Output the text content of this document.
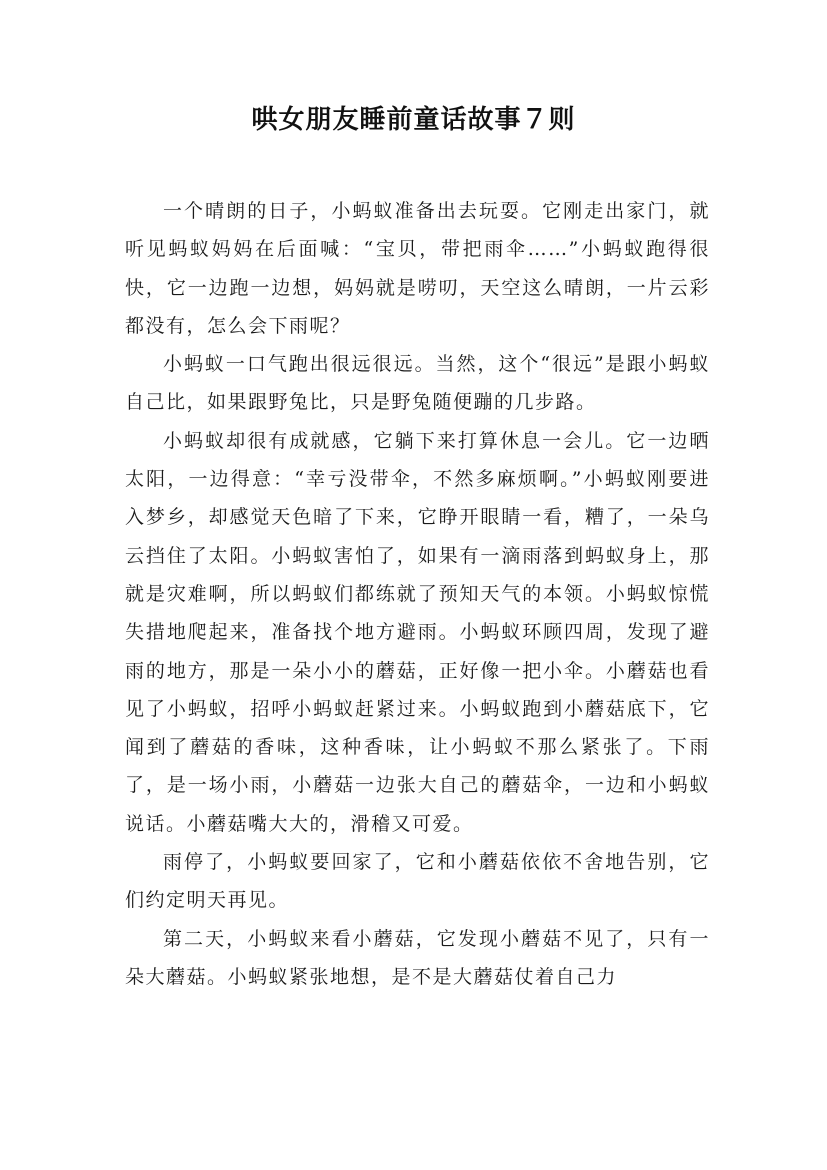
哄女朋友睡前童话故事７则

一个晴朗的日子，小蚂蚁准备出去玩耍。它刚走出家门，就听见蚂蚁妈妈在后面喊：“宝贝，带把雨伞……”小蚂蚁跑得很快，它一边跑一边想，妈妈就是唠叨，天空这么晴朗，一片云彩都没有，怎么会下雨呢？

小蚂蚁一口气跑出很远很远。当然，这个“很远”是跟小蚂蚁自己比，如果跟野兔比，只是野兔随便蹦的几步路。

小蚂蚁却很有成就感，它躺下来打算休息一会儿。它一边晒太阳，一边得意：“幸亏没带伞，不然多麻烦啊。”小蚂蚁刚要进入梦乡，却感觉天色暗了下来，它睁开眼睛一看，糟了，一朵乌云挡住了太阳。小蚂蚁害怕了，如果有一滴雨落到蚂蚁身上，那就是灾难啊，所以蚂蚁们都练就了预知天气的本领。小蚂蚁惊慌失措地爬起来，准备找个地方避雨。小蚂蚁环顾四周，发现了避雨的地方，那是一朵小小的蘑菇，正好像一把小伞。小蘑菇也看见了小蚂蚁，招呼小蚂蚁赶紧过来。小蚂蚁跑到小蘑菇底下，它闻到了蘑菇的香味，这种香味，让小蚂蚁不那么紧张了。下雨了，是一场小雨，小蘑菇一边张大自己的蘑菇伞，一边和小蚂蚁说话。小蘑菇嘴大大的，滑稽又可爱。

雨停了，小蚂蚁要回家了，它和小蘑菇依依不舍地告别，它们约定明天再见。

第二天，小蚂蚁来看小蘑菇，它发现小蘑菇不见了，只有一朵大蘑菇。小蚂蚁紧张地想，是不是大蘑菇仗着自己力
